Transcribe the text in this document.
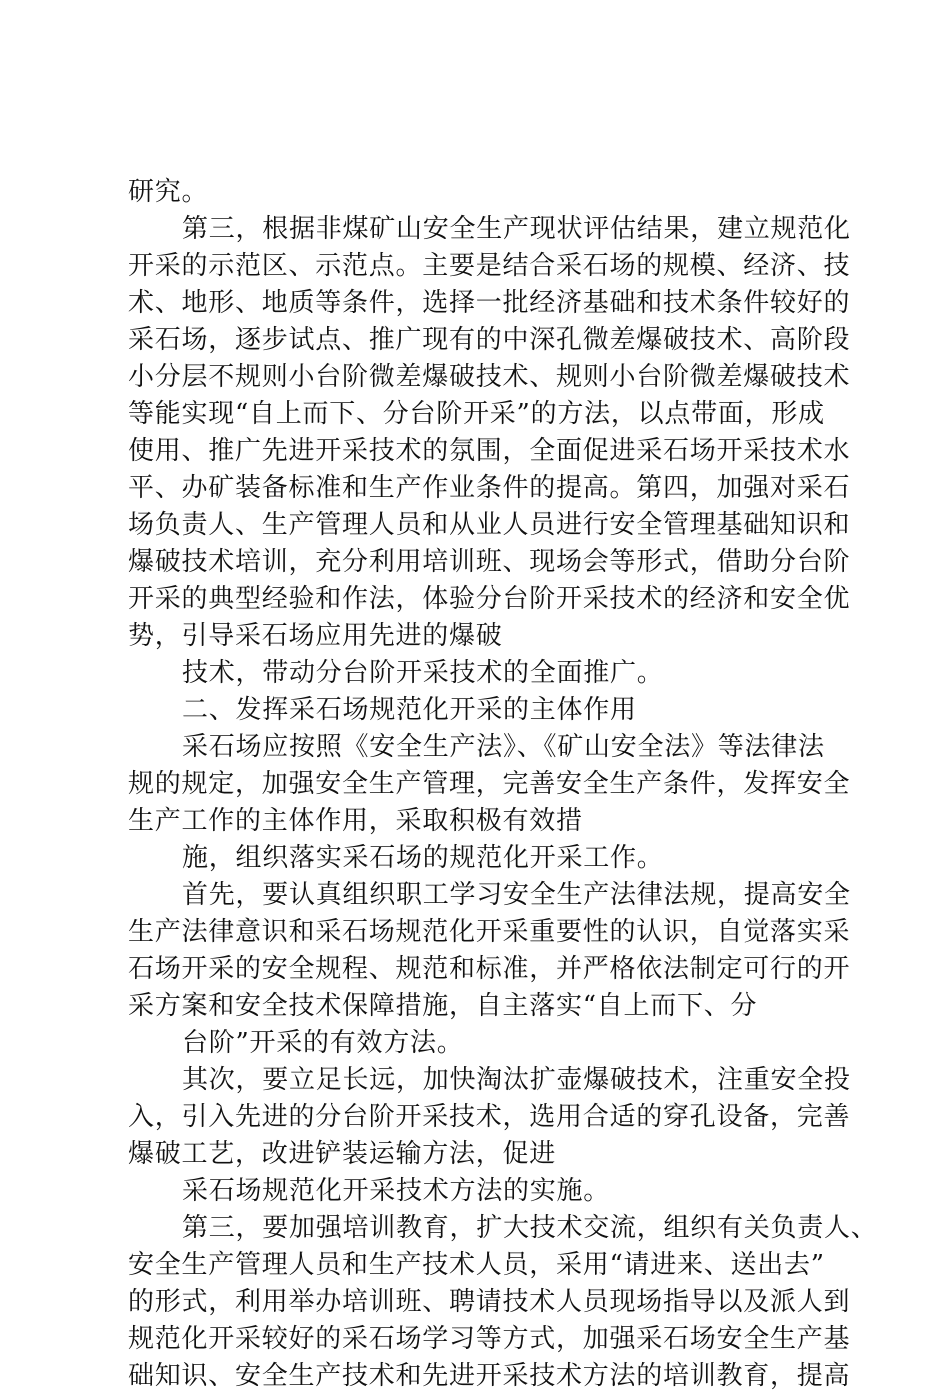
研究。
第三，根据非煤矿山安全生产现状评估结果，建立规范化
开采的示范区、示范点。主要是结合采石场的规模、经济、技
术、地形、地质等条件，选择一批经济基础和技术条件较好的
采石场，逐步试点、推广现有的中深孔微差爆破技术、高阶段
小分层不规则小台阶微差爆破技术、规则小台阶微差爆破技术
等能实现“自上而下、分台阶开采”的方法，以点带面，形成
使用、推广先进开采技术的氛围，全面促进采石场开采技术水
平、办矿装备标准和生产作业条件的提高。第四，加强对采石
场负责人、生产管理人员和从业人员进行安全管理基础知识和
爆破技术培训，充分利用培训班、现场会等形式，借助分台阶
开采的典型经验和作法，体验分台阶开采技术的经济和安全优
势，引导采石场应用先进的爆破
技术，带动分台阶开采技术的全面推广。
二、发挥采石场规范化开采的主体作用
采石场应按照《安全生产法》、《矿山安全法》等法律法
规的规定，加强安全生产管理，完善安全生产条件，发挥安全
生产工作的主体作用，采取积极有效措
施，组织落实采石场的规范化开采工作。
首先，要认真组织职工学习安全生产法律法规，提高安全
生产法律意识和采石场规范化开采重要性的认识，自觉落实采
石场开采的安全规程、规范和标准，并严格依法制定可行的开
采方案和安全技术保障措施，自主落实“自上而下、分
台阶”开采的有效方法。
其次，要立足长远，加快淘汰扩壶爆破技术，注重安全投
入，引入先进的分台阶开采技术，选用合适的穿孔设备，完善
爆破工艺，改进铲装运输方法，促进
采石场规范化开采技术方法的实施。
第三，要加强培训教育，扩大技术交流，组织有关负责人、
安全生产管理人员和生产技术人员，采用“请进来、送出去”
的形式，利用举办培训班、聘请技术人员现场指导以及派人到
规范化开采较好的采石场学习等方式，加强采石场安全生产基
础知识、安全生产技术和先进开采技术方法的培训教育，提高
